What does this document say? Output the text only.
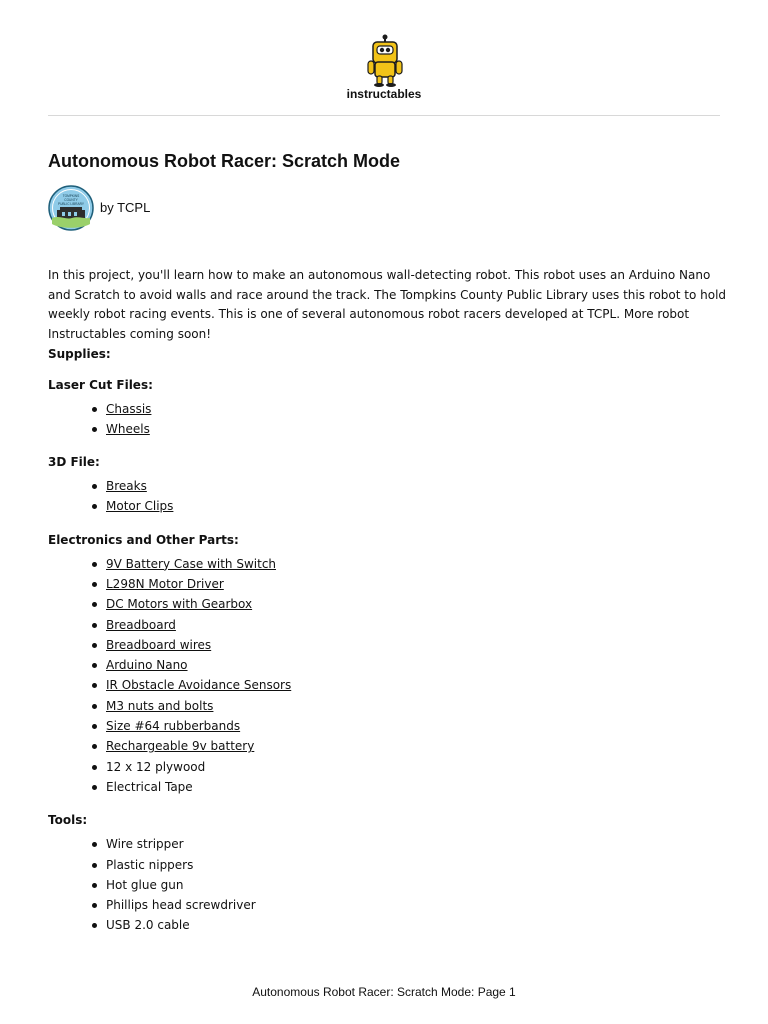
instructables
Autonomous Robot Racer: Scratch Mode
TOMPKINS
COUNTY
PUBLIC LIBRARY by TCPL

In this project, you'll learn how to make an autonomous wall-detecting robot. This robot uses an Arduino Nano and Scratch to avoid walls and race around the track. The Tompkins County Public Library uses this robot to hold weekly robot racing events. This is one of several autonomous robot racers developed at TCPL. More robot Instructables coming soon!

Supplies:
Laser Cut Files:
Chassis
Wheels
3D File:
Breaks
Motor Clips
Electronics and Other Parts:
9V Battery Case with Switch
L298N Motor Driver
DC Motors with Gearbox
Breadboard
Breadboard wires
Arduino Nano
IR Obstacle Avoidance Sensors
M3 nuts and bolts
Size #64 rubberbands
Rechargeable 9v battery
12 x 12 plywood
Electrical Tape
Tools:
Wire stripper
Plastic nippers
Hot glue gun
Phillips head screwdriver
USB 2.0 cable
Autonomous Robot Racer: Scratch Mode: Page 1
